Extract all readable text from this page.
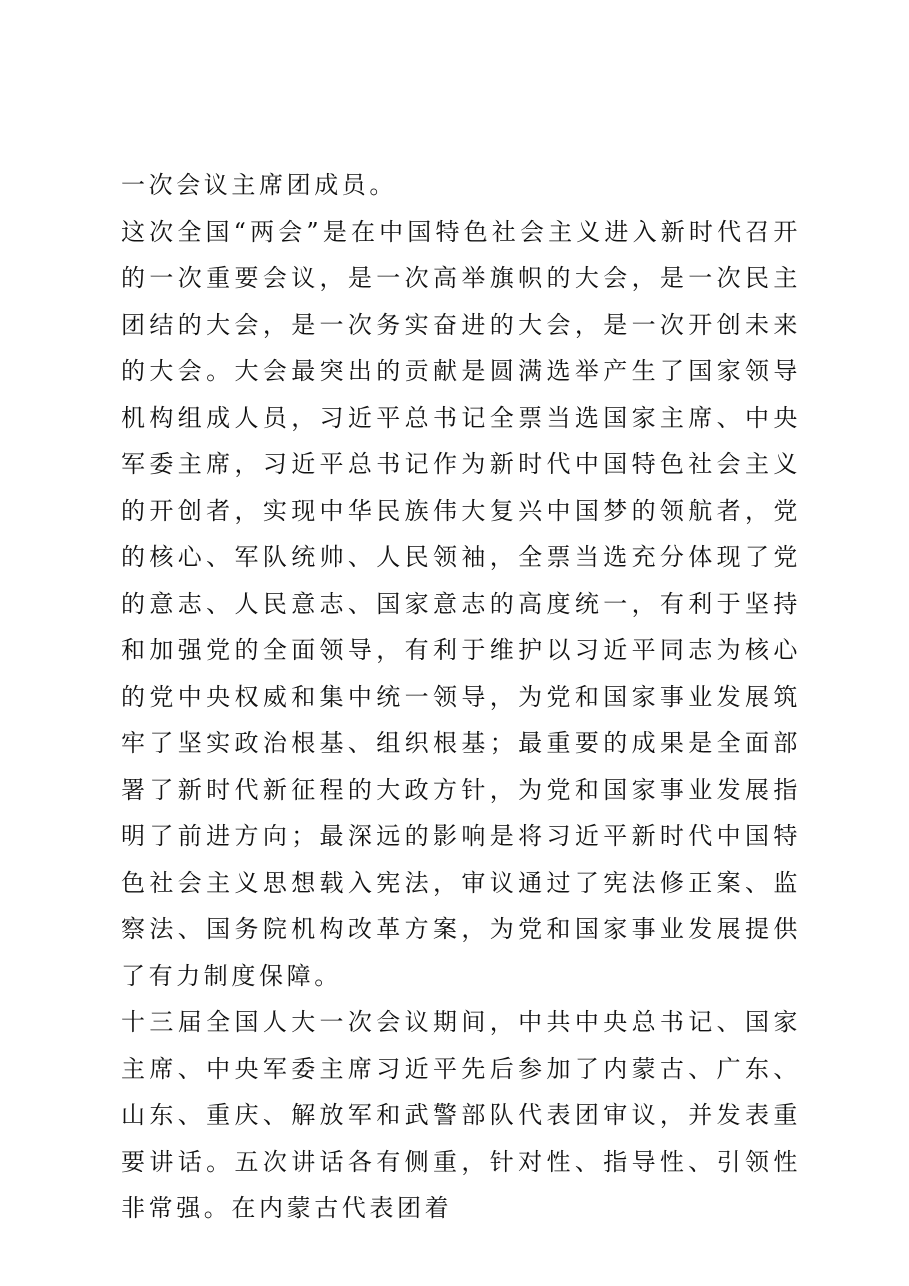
一次会议主席团成员。

这次全国“两会”是在中国特色社会主义进入新时代召开的一次重要会议，是一次高举旗帜的大会，是一次民主团结的大会，是一次务实奋进的大会，是一次开创未来的大会。大会最突出的贡献是圆满选举产生了国家领导机构组成人员，习近平总书记全票当选国家主席、中央军委主席，习近平总书记作为新时代中国特色社会主义的开创者，实现中华民族伟大复兴中国梦的领航者，党的核心、军队统帅、人民领袖，全票当选充分体现了党的意志、人民意志、国家意志的高度统一，有利于坚持和加强党的全面领导，有利于维护以习近平同志为核心的党中央权威和集中统一领导，为党和国家事业发展筑牢了坚实政治根基、组织根基；最重要的成果是全面部署了新时代新征程的大政方针，为党和国家事业发展指明了前进方向；最深远的影响是将习近平新时代中国特色社会主义思想载入宪法，审议通过了宪法修正案、监察法、国务院机构改革方案，为党和国家事业发展提供了有力制度保障。

十三届全国人大一次会议期间，中共中央总书记、国家主席、中央军委主席习近平先后参加了内蒙古、广东、山东、重庆、解放军和武警部队代表团审议，并发表重要讲话。五次讲话各有侧重，针对性、指导性、引领性非常强。在内蒙古代表团着
